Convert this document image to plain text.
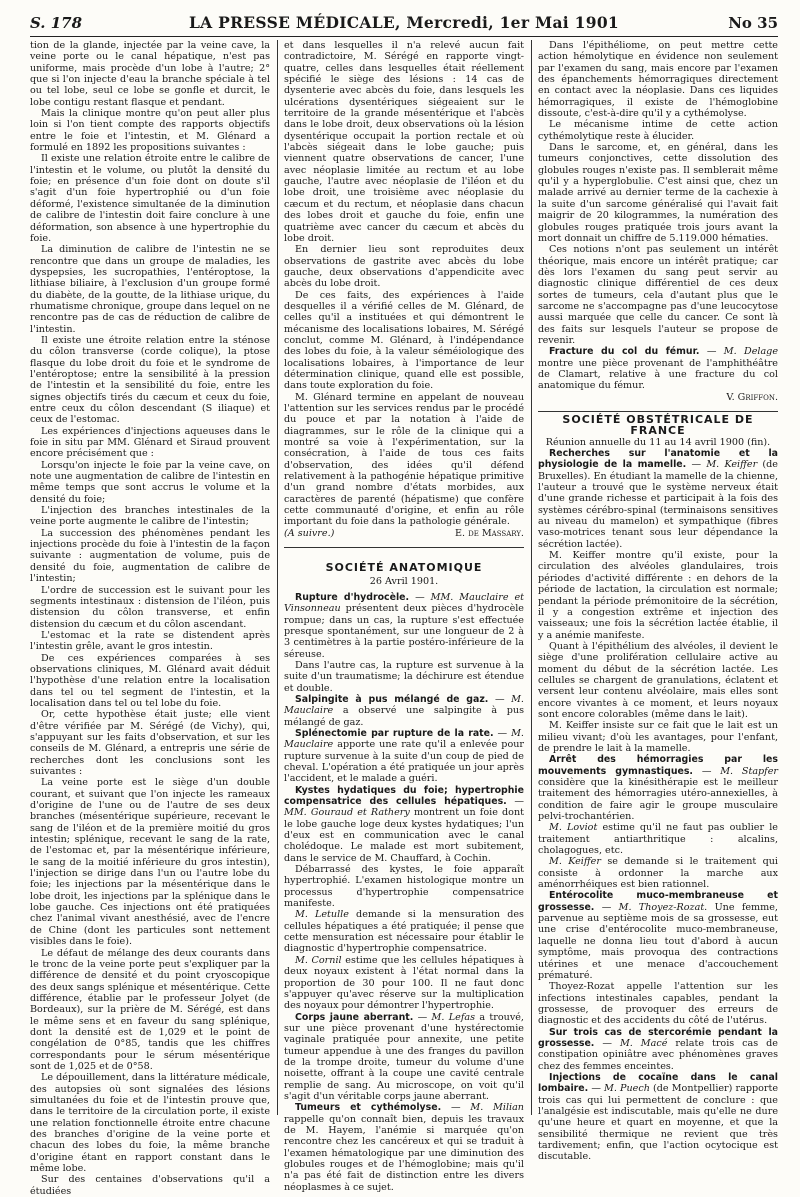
S. 178	LA PRESSE MÉDICALE, Mercredi, 1er Mai 1901	No 35

tion de la glande, injectée par la veine cave, la veine porte ou le canal hépatique, n'est pas uniforme, mais procède d'un lobe à l'autre; 2° que si l'on injecte d'eau la branche spéciale à tel ou tel lobe, seul ce lobe se gonfle et durcit, le lobe contigu restant flasque et pendant.

Mais la clinique montre qu'on peut aller plus loin si l'on tient compte des rapports objectifs entre le foie et l'intestin, et M. Glénard a formulé en 1892 les propositions suivantes :

Il existe une relation étroite entre le calibre de l'intestin et le volume, ou plutôt la densité du foie; en présence d'un foie dont on doute s'il s'agit d'un foie hypertrophié ou d'un foie déformé, l'existence simultanée de la diminution de calibre de l'intestin doit faire conclure à une déformation, son absence à une hypertrophie du foie.

La diminution de calibre de l'intestin ne se rencontre que dans un groupe de maladies, les dyspepsies, les sucropathies, l'entéroptose, la lithiase biliaire, à l'exclusion d'un groupe formé du diabète, de la goutte, de la lithiase urique, du rhumatisme chronique, groupe dans lequel on ne rencontre pas de cas de réduction de calibre de l'intestin.

Il existe une étroite relation entre la sténose du côlon transverse (corde colique), la ptose flasque du lobe droit du foie et le syndrome de l'entéroptose; entre la sensibilité à la pression de l'intestin et la sensibilité du foie, entre les signes objectifs tirés du cæcum et ceux du foie, entre ceux du côlon descendant (S iliaque) et ceux de l'estomac.

Les expériences d'injections aqueuses dans le foie in situ par MM. Glénard et Siraud prouvent encore précisément que :

Lorsqu'on injecte le foie par la veine cave, on note une augmentation de calibre de l'intestin en même temps que sont accrus le volume et la densité du foie;

L'injection des branches intestinales de la veine porte augmente le calibre de l'intestin;

La succession des phénomènes pendant les injections procède du foie à l'intestin de la façon suivante : augmentation de volume, puis de densité du foie, augmentation de calibre de l'intestin;

L'ordre de succession est le suivant pour les segments intestinaux : distension de l'iléon, puis distension du côlon transverse, et enfin distension du cæcum et du côlon ascendant.

L'estomac et la rate se distendent après l'intestin grêle, avant le gros intestin.

De ces expériences comparées à ses observations cliniques, M. Glénard avait déduit l'hypothèse d'une relation entre la localisation dans tel ou tel segment de l'intestin, et la localisation dans tel ou tel lobe du foie.

Or, cette hypothèse était juste; elle vient d'être vérifiée par M. Sérégé (de Vichy), qui, s'appuyant sur les faits d'observation, et sur les conseils de M. Glénard, a entrepris une série de recherches dont les conclusions sont les suivantes :

La veine porte est le siège d'un double courant, et suivant que l'on injecte les rameaux d'origine de l'une ou de l'autre de ses deux branches (mésentérique supérieure, recevant le sang de l'iléon et de la première moitié du gros intestin; splénique, recevant le sang de la rate, de l'estomac et, par la mésentérique inférieure, le sang de la moitié inférieure du gros intestin), l'injection se dirige dans l'un ou l'autre lobe du foie; les injections par la mésentérique dans le lobe droit, les injections par la splénique dans le lobe gauche. Ces injections ont été pratiquées chez l'animal vivant anesthésié, avec de l'encre de Chine (dont les particules sont nettement visibles dans le foie).

Le défaut de mélange des deux courants dans le tronc de la veine porte peut s'expliquer par la différence de densité et du point cryoscopique des deux sangs splénique et mésentérique. Cette différence, établie par le professeur Jolyet (de Bordeaux), sur la prière de M. Sérégé, est dans le même sens et en faveur du sang splénique, dont la densité est de 1,029 et le point de congélation de 0°85, tandis que les chiffres correspondants pour le sérum mésentérique sont de 1,025 et de 0°58.

Le dépouillement, dans la littérature médicale, des autopsies où sont signalées des lésions simultanées du foie et de l'intestin prouve que, dans le territoire de la circulation porte, il existe une relation fonctionnelle étroite entre chacune des branches d'origine de la veine porte et chacun des lobes du foie, la même branche d'origine étant en rapport constant dans le même lobe.

Sur des centaines d'observations qu'il a étudiées

et dans lesquelles il n'a relevé aucun fait contradictoire, M. Sérégé en rapporte vingt-quatre, celles dans lesquelles était réellement spécifié le siège des lésions : 14 cas de dysenterie avec abcès du foie, dans lesquels les ulcérations dysentériques siégeaient sur le territoire de la grande mésentérique et l'abcès dans le lobe droit, deux observations où la lésion dysentérique occupait la portion rectale et où l'abcès siégeait dans le lobe gauche; puis viennent quatre observations de cancer, l'une avec néoplasie limitée au rectum et au lobe gauche, l'autre avec néoplasie de l'iléon et du lobe droit, une troisième avec néoplasie du cæcum et du rectum, et néoplasie dans chacun des lobes droit et gauche du foie, enfin une quatrième avec cancer du cæcum et abcès du lobe droit.

En dernier lieu sont reproduites deux observations de gastrite avec abcès du lobe gauche, deux observations d'appendicite avec abcès du lobe droit.

De ces faits, des expériences à l'aide desquelles il a vérifié celles de M. Glénard, de celles qu'il a instituées et qui démontrent le mécanisme des localisations lobaires, M. Sérégé conclut, comme M. Glénard, à l'indépendance des lobes du foie, à la valeur séméiologique des localisations lobaires, à l'importance de leur détermination clinique, quand elle est possible, dans toute exploration du foie.

M. Glénard termine en appelant de nouveau l'attention sur les services rendus par le procédé du pouce et par la notation à l'aide de diagrammes, sur le rôle de la clinique qui a montré sa voie à l'expérimentation, sur la consécration, à l'aide de tous ces faits d'observation, des idées qu'il défend relativement à la pathogénie hépatique primitive d'un grand nombre d'états morbides, aux caractères de parenté (hépatisme) que confère cette communauté d'origine, et enfin au rôle important du foie dans la pathologie générale.

(A suivre.)	E. de Massary.

SOCIÉTÉ ANATOMIQUE

26 Avril 1901.

Rupture d'hydrocèle. — MM. Mauclaire et Vinsonneau présentent deux pièces d'hydrocèle rompue; dans un cas, la rupture s'est effectuée presque spontanément, sur une longueur de 2 à 3 centimètres à la partie postéro-inférieure de la séreuse.

Dans l'autre cas, la rupture est survenue à la suite d'un traumatisme; la déchirure est étendue et double.

Salpingite à pus mélangé de gaz. — M. Mauclaire a observé une salpingite à pus mélangé de gaz.

Splénectomie par rupture de la rate. — M. Mauclaire apporte une rate qu'il a enlevée pour rupture survenue à la suite d'un coup de pied de cheval. L'opération a été pratiquée un jour après l'accident, et le malade a guéri.

Kystes hydatiques du foie; hypertrophie compensatrice des cellules hépatiques. — MM. Gouraud et Rathery montrent un foie dont le lobe gauche loge deux kystes hydatiques; l'un d'eux est en communication avec le canal cholédoque. Le malade est mort subitement, dans le service de M. Chauffard, à Cochin.

Débarrassé des kystes, le foie apparaît hypertrophié. L'examen histologique montre un processus d'hypertrophie compensatrice manifeste.

M. Letulle demande si la mensuration des cellules hépatiques a été pratiquée; il pense que cette mensuration est nécessaire pour établir le diagnostic d'hypertrophie compensatrice.

M. Cornil estime que les cellules hépatiques à deux noyaux existent à l'état normal dans la proportion de 30 pour 100. Il ne faut donc s'appuyer qu'avec réserve sur la multiplication des noyaux pour démontrer l'hypertrophie.

Corps jaune aberrant. — M. Lefas a trouvé, sur une pièce provenant d'une hystérectomie vaginale pratiquée pour annexite, une petite tumeur appendue à une des franges du pavillon de la trompe droite, tumeur du volume d'une noisette, offrant à la coupe une cavité centrale remplie de sang. Au microscope, on voit qu'il s'agit d'un véritable corps jaune aberrant.

Tumeurs et cythémolyse. — M. Milian rappelle qu'on connaît bien, depuis les travaux de M. Hayem, l'anémie si marquée qu'on rencontre chez les cancéreux et qui se traduit à l'examen hématologique par une diminution des globules rouges et de l'hémoglobine; mais qu'il n'a pas été fait de distinction entre les divers néoplasmes à ce sujet.

Dans l'épithéliome, on peut mettre cette action hémolytique en évidence non seulement par l'examen du sang, mais encore par l'examen des épanchements hémorragiques directement en contact avec la néoplasie. Dans ces liquides hémorragiques, il existe de l'hémoglobine dissoute, c'est-à-dire qu'il y a cythémolyse.

Le mécanisme intime de cette action cythémolytique reste à élucider.

Dans le sarcome, et, en général, dans les tumeurs conjonctives, cette dissolution des globules rouges n'existe pas. Il semblerait même qu'il y a hyperglobulie. C'est ainsi que, chez un malade arrivé au dernier terme de la cachexie à la suite d'un sarcome généralisé qui l'avait fait maigrir de 20 kilogrammes, la numération des globules rouges pratiquée trois jours avant la mort donnait un chiffre de 5.119.000 hématies.

Ces notions n'ont pas seulement un intérêt théorique, mais encore un intérêt pratique; car dès lors l'examen du sang peut servir au diagnostic clinique différentiel de ces deux sortes de tumeurs, cela d'autant plus que le sarcome ne s'accompagne pas d'une leucocytose aussi marquée que celle du cancer. Ce sont là des faits sur lesquels l'auteur se propose de revenir.

Fracture du col du fémur. — M. Delage montre une pièce provenant de l'amphithéâtre de Clamart, relative à une fracture du col anatomique du fémur.

V. Griffon.

SOCIÉTÉ OBSTÉTRICALE DE FRANCE

Réunion annuelle du 11 au 14 avril 1900 (fin).

Recherches sur l'anatomie et la physiologie de la mamelle. — M. Keiffer (de Bruxelles). En étudiant la mamelle de la chienne, l'auteur a trouvé que le système nerveux était d'une grande richesse et participait à la fois des systèmes cérébro-spinal (terminaisons sensitives au niveau du mamelon) et sympathique (fibres vaso-motrices tenant sous leur dépendance la sécrétion lactée).

M. Keiffer montre qu'il existe, pour la circulation des alvéoles glandulaires, trois périodes d'activité différente : en dehors de la période de lactation, la circulation est normale; pendant la période prémonitoire de la sécrétion, il y a congestion extrême et injection des vaisseaux; une fois la sécrétion lactée établie, il y a anémie manifeste.

Quant à l'épithélium des alvéoles, il devient le siège d'une prolifération cellulaire active au moment du début de la sécrétion lactée. Les cellules se chargent de granulations, éclatent et versent leur contenu alvéolaire, mais elles sont encore vivantes à ce moment, et leurs noyaux sont encore colorables (même dans le lait).

M. Keiffer insiste sur ce fait que le lait est un milieu vivant; d'où les avantages, pour l'enfant, de prendre le lait à la mamelle.

Arrêt des hémorragies par les mouvements gymnastiques. — M. Stapfer considère que la kinésithérapie est le meilleur traitement des hémorragies utéro-annexielles, à condition de faire agir le groupe musculaire pelvi-trochantérien.

M. Loviot estime qu'il ne faut pas oublier le traitement antiarthritique : alcalins, cholagogues, etc.

M. Keiffer se demande si le traitement qui consiste à ordonner la marche aux aménorrhéiques est bien rationnel.

Entérocolite muco-membraneuse et grossesse. — M. Thoyez-Rozat. Une femme, parvenue au septième mois de sa grossesse, eut une crise d'entérocolite muco-membraneuse, laquelle ne donna lieu tout d'abord à aucun symptôme, mais provoqua des contractions utérines et une menace d'accouchement prématuré.

Thoyez-Rozat appelle l'attention sur les infections intestinales capables, pendant la grossesse, de provoquer des erreurs de diagnostic et des accidents du côté de l'utérus.

Sur trois cas de stercorémie pendant la grossesse. — M. Macé relate trois cas de constipation opiniâtre avec phénomènes graves chez des femmes enceintes.

Injections de cocaïne dans le canal lombaire. — M. Puech (de Montpellier) rapporte trois cas qui lui permettent de conclure : que l'analgésie est indiscutable, mais qu'elle ne dure qu'une heure et quart en moyenne, et que la sensibilité thermique ne revient que très tardivement; enfin, que l'action ocytocique est discutable.
